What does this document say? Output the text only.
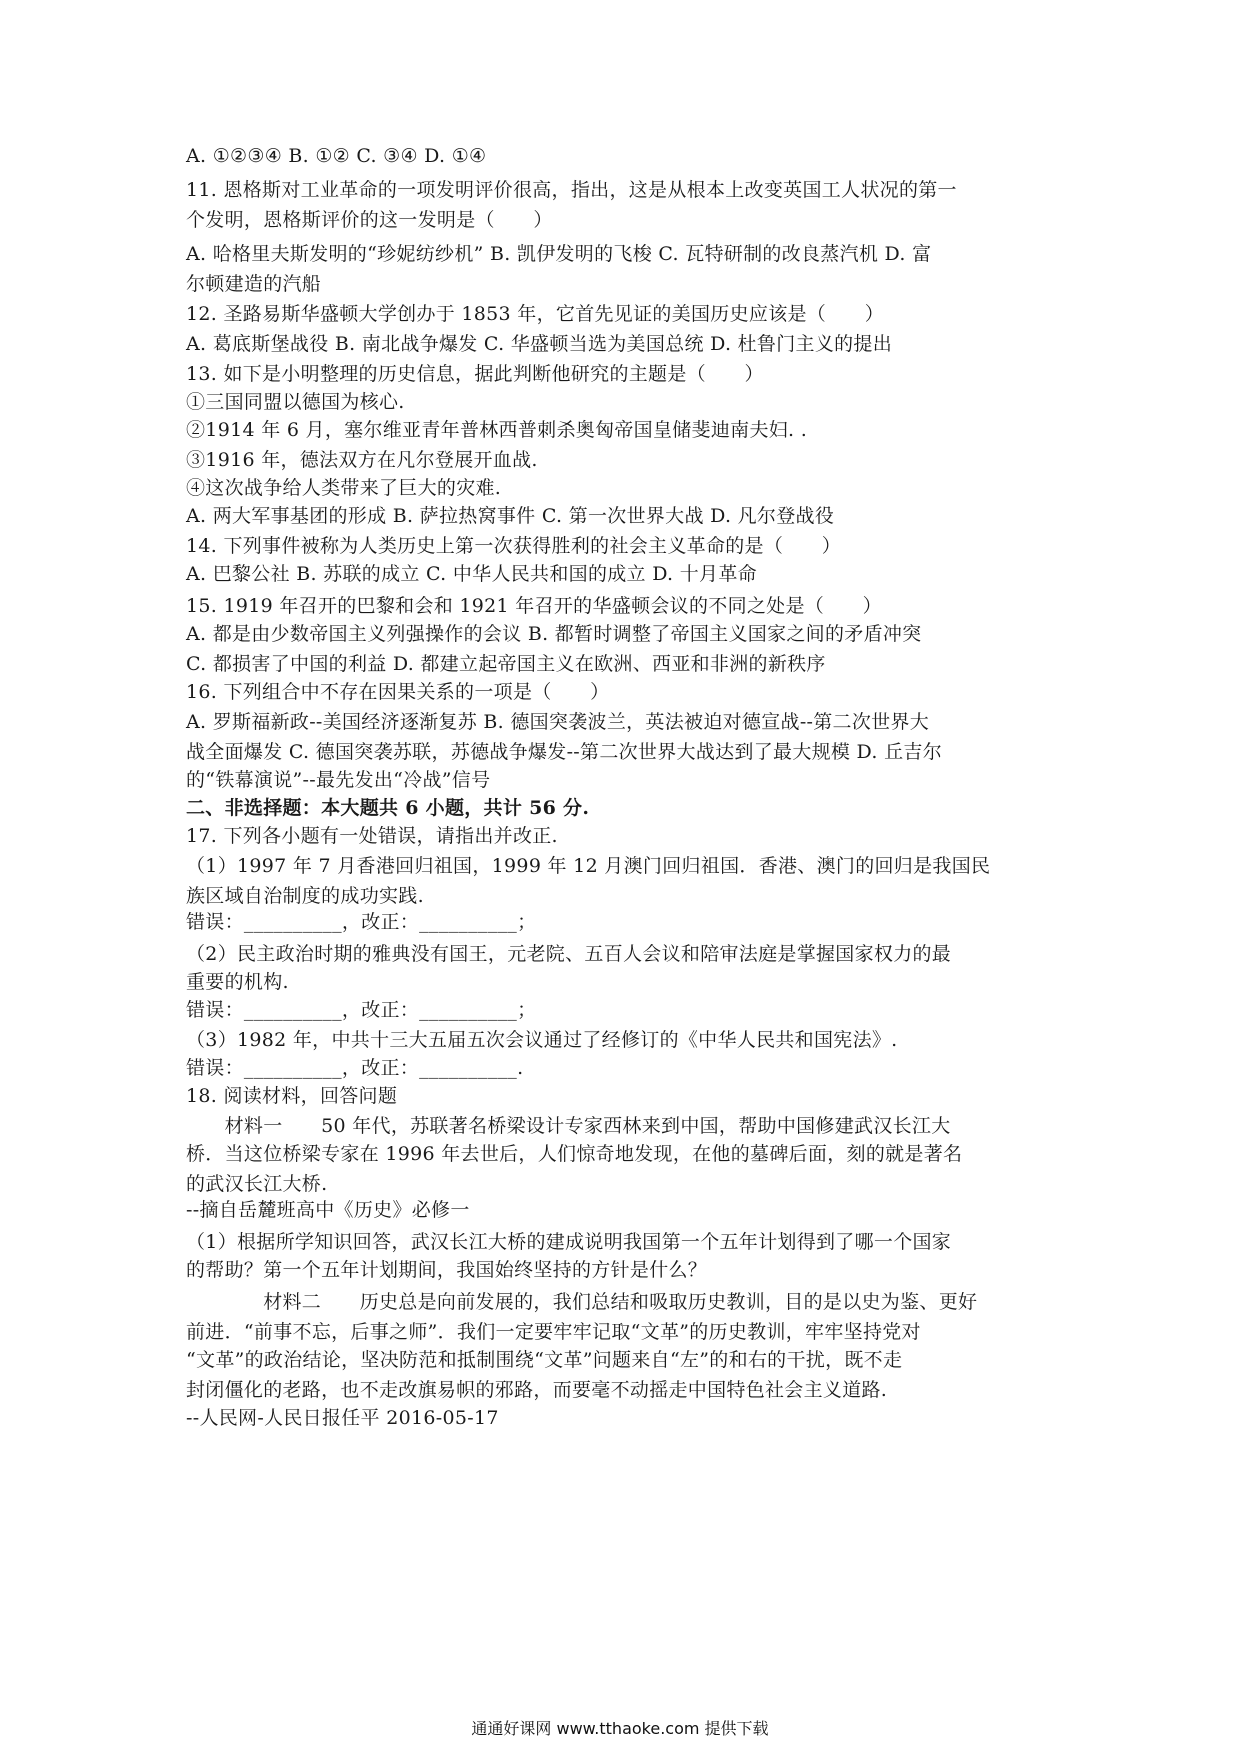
A. ①②③④ B. ①② C. ③④ D. ①④
11. 恩格斯对工业革命的一项发明评价很高，指出，这是从根本上改变英国工人状况的第一
个发明，恩格斯评价的这一发明是（　　）
A. 哈格里夫斯发明的“珍妮纺纱机” B. 凯伊发明的飞梭 C. 瓦特研制的改良蒸汽机 D. 富
尔顿建造的汽船
12. 圣路易斯华盛顿大学创办于 1853 年，它首先见证的美国历史应该是（　　）
A. 葛底斯堡战役 B. 南北战争爆发 C. 华盛顿当选为美国总统 D. 杜鲁门主义的提出
13. 如下是小明整理的历史信息，据此判断他研究的主题是（　　）
①三国同盟以德国为核心.
②1914 年 6 月，塞尔维亚青年普林西普刺杀奥匈帝国皇储斐迪南夫妇. .
③1916 年，德法双方在凡尔登展开血战.
④这次战争给人类带来了巨大的灾难.
A. 两大军事基团的形成 B. 萨拉热窝事件 C. 第一次世界大战 D. 凡尔登战役
14. 下列事件被称为人类历史上第一次获得胜利的社会主义革命的是（　　）
A. 巴黎公社 B. 苏联的成立 C. 中华人民共和国的成立 D. 十月革命
15. 1919 年召开的巴黎和会和 1921 年召开的华盛顿会议的不同之处是（　　）
A. 都是由少数帝国主义列强操作的会议 B. 都暂时调整了帝国主义国家之间的矛盾冲突
C. 都损害了中国的利益 D. 都建立起帝国主义在欧洲、西亚和非洲的新秩序
16. 下列组合中不存在因果关系的一项是（　　）
A. 罗斯福新政--美国经济逐渐复苏 B. 德国突袭波兰，英法被迫对德宣战--第二次世界大
战全面爆发 C. 德国突袭苏联，苏德战争爆发--第二次世界大战达到了最大规模 D. 丘吉尔
的“铁幕演说”--最先发出“冷战”信号
二、非选择题：本大题共 6 小题，共计 56 分.
17. 下列各小题有一处错误，请指出并改正.
（1）1997 年 7 月香港回归祖国，1999 年 12 月澳门回归祖国．香港、澳门的回归是我国民
族区域自治制度的成功实践.
错误：__________，改正：__________；
（2）民主政治时期的雅典没有国王，元老院、五百人会议和陪审法庭是掌握国家权力的最
重要的机构.
错误：__________，改正：__________；
（3）1982 年，中共十三大五届五次会议通过了经修订的《中华人民共和国宪法》.
错误：__________，改正：__________.
18. 阅读材料，回答问题
　　材料一　　50 年代，苏联著名桥梁设计专家西林来到中国，帮助中国修建武汉长江大
桥．当这位桥梁专家在 1996 年去世后，人们惊奇地发现，在他的墓碑后面，刻的就是著名
的武汉长江大桥.
--摘自岳麓班高中《历史》必修一
（1）根据所学知识回答，武汉长江大桥的建成说明我国第一个五年计划得到了哪一个国家
的帮助？第一个五年计划期间，我国始终坚持的方针是什么？
　　　　材料二　　历史总是向前发展的，我们总结和吸取历史教训，目的是以史为鉴、更好
前进．“前事不忘，后事之师”．我们一定要牢牢记取“文革”的历史教训，牢牢坚持党对
“文革”的政治结论，坚决防范和抵制围绕“文革”问题来自“左”的和右的干扰，既不走
封闭僵化的老路，也不走改旗易帜的邪路，而要毫不动摇走中国特色社会主义道路.
--人民网-人民日报任平 2016-05-17
通通好课网 www.tthaoke.com 提供下载
